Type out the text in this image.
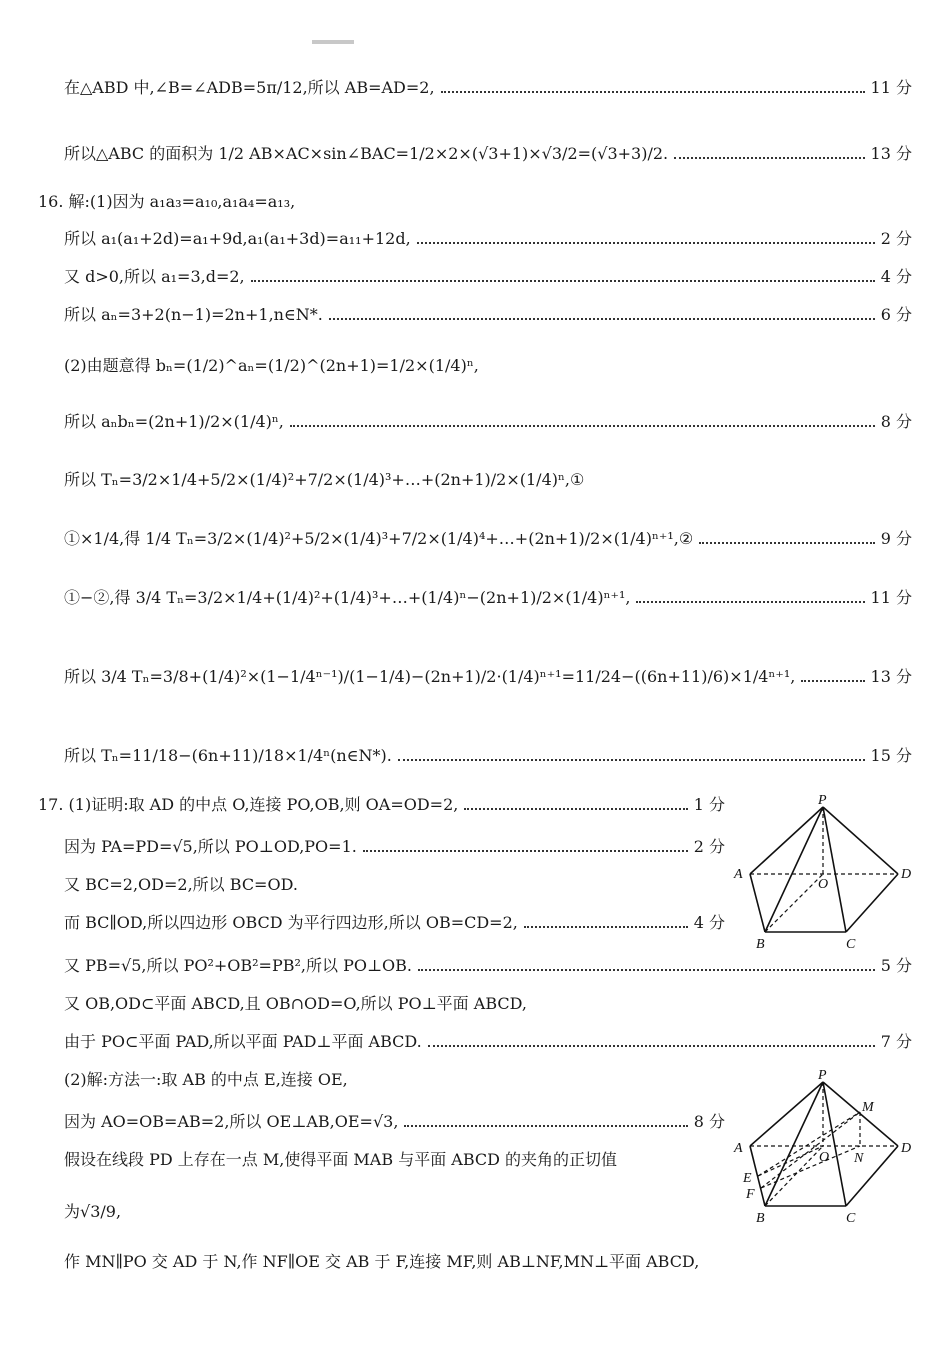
在△ABD 中,∠B=∠ADB=5π/12,所以 AB=AD=2,	11 分
所以△ABC 的面积为 1/2 AB×AC×sin∠BAC=1/2×2×(√3+1)×√3/2=(√3+3)/2.	13 分
16. 解:(1)因为 a₁a₃=a₁₀,a₁a₄=a₁₃,
所以 a₁(a₁+2d)=a₁+9d,a₁(a₁+3d)=a₁₁+12d,	2 分
又 d>0,所以 a₁=3,d=2,	4 分
所以 aₙ=3+2(n−1)=2n+1,n∈N*.	6 分
(2)由题意得 bₙ=(1/2)^aₙ=(1/2)^(2n+1)=1/2×(1/4)ⁿ,
所以 aₙbₙ=(2n+1)/2×(1/4)ⁿ,	8 分
所以 Tₙ=3/2×1/4+5/2×(1/4)²+7/2×(1/4)³+…+(2n+1)/2×(1/4)ⁿ,①
①×1/4,得 1/4 Tₙ=3/2×(1/4)²+5/2×(1/4)³+7/2×(1/4)⁴+…+(2n+1)/2×(1/4)ⁿ⁺¹,②	9 分
①−②,得 3/4 Tₙ=3/2×1/4+(1/4)²+(1/4)³+…+(1/4)ⁿ−(2n+1)/2×(1/4)ⁿ⁺¹,	11 分
所以 3/4 Tₙ=3/8+(1/4)²×(1−1/4ⁿ⁻¹)/(1−1/4)−(2n+1)/2·(1/4)ⁿ⁺¹=11/24−((6n+11)/6)×1/4ⁿ⁺¹,	13 分
所以 Tₙ=11/18−(6n+11)/18×1/4ⁿ(n∈N*).	15 分
17. (1)证明:取 AD 的中点 O,连接 PO,OB,则 OA=OD=2,	1 分
因为 PA=PD=√5,所以 PO⊥OD,PO=1.	2 分
又 BC=2,OD=2,所以 BC=OD.
而 BC∥OD,所以四边形 OBCD 为平行四边形,所以 OB=CD=2,	4 分
又 PB=√5,所以 PO²+OB²=PB²,所以 PO⊥OB.	5 分
又 OB,OD⊂平面 ABCD,且 OB∩OD=O,所以 PO⊥平面 ABCD,
由于 PO⊂平面 PAD,所以平面 PAD⊥平面 ABCD.	7 分
(2)解:方法一:取 AB 的中点 E,连接 OE,
因为 AO=OB=AB=2,所以 OE⊥AB,OE=√3,	8 分
假设在线段 PD 上存在一点 M,使得平面 MAB 与平面 ABCD 的夹角的正切值
为√3/9,
作 MN∥PO 交 AD 于 N,作 NF∥OE 交 AB 于 F,连接 MF,则 AB⊥NF,MN⊥平面 ABCD,
P
A
O
D
B	C
P
M
A
O N
D
E
F
B	C
